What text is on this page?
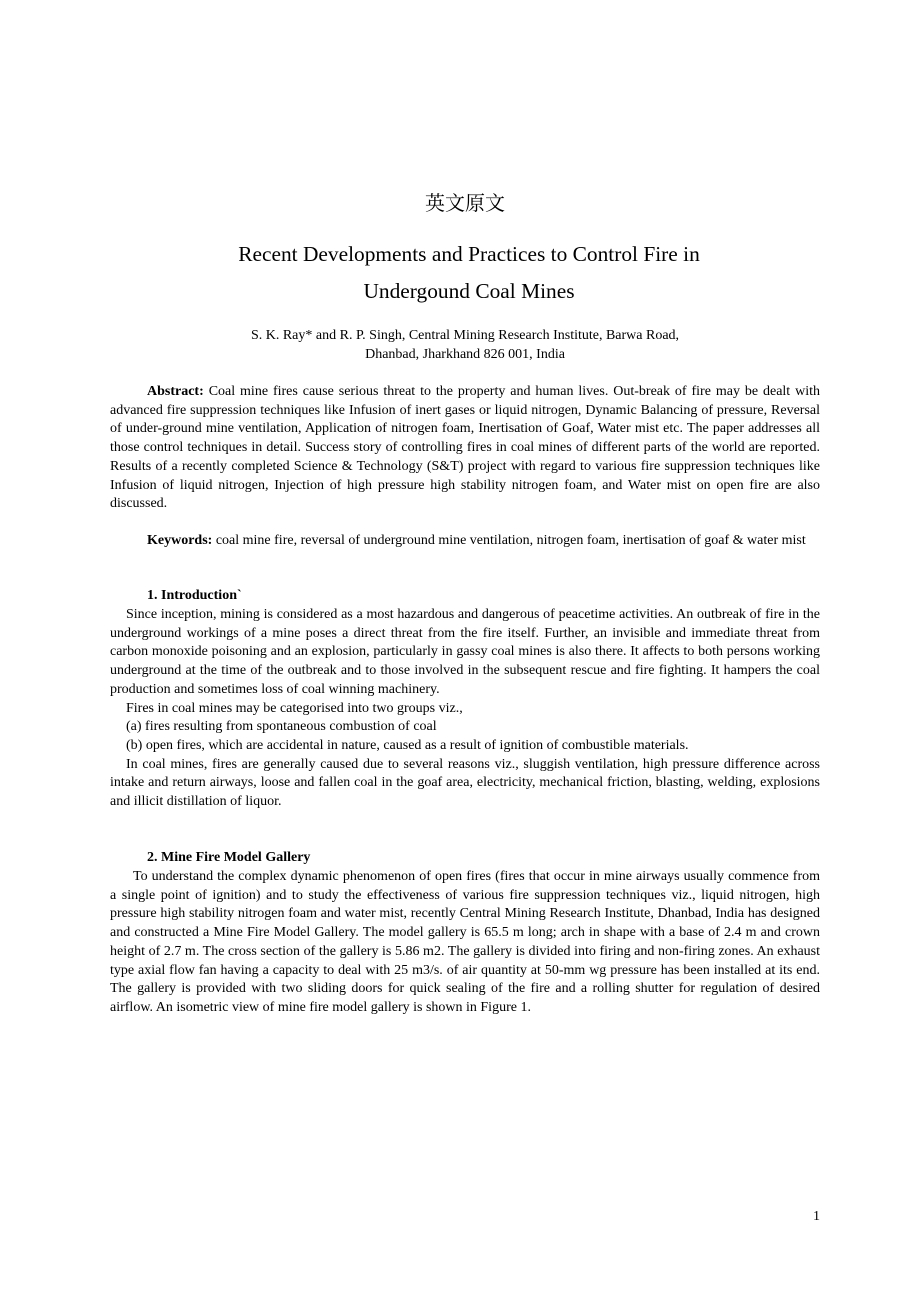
英文原文
Recent Developments and Practices to Control Fire in
Undergound Coal Mines
S. K. Ray* and R. P. Singh, Central Mining Research Institute, Barwa Road,
Dhanbad, Jharkhand 826 001, India

Abstract: Coal mine fires cause serious threat to the property and human lives. Out-break of fire may be dealt with advanced fire suppression techniques like Infusion of inert gases or liquid nitrogen, Dynamic Balancing of pressure, Reversal of under-ground mine ventilation, Application of nitrogen foam, Inertisation of Goaf, Water mist etc. The paper addresses all those control techniques in detail. Success story of controlling fires in coal mines of different parts of the world are reported. Results of a recently completed Science & Technology (S&T) project with regard to various fire suppression techniques like Infusion of liquid nitrogen, Injection of high pressure high stability nitrogen foam, and Water mist on open fire are also discussed.

Keywords: coal mine fire, reversal of underground mine ventilation, nitrogen foam, inertisation of goaf & water mist

1. Introduction`

Since inception, mining is considered as a most hazardous and dangerous of peacetime activities. An outbreak of fire in the underground workings of a mine poses a direct threat from the fire itself. Further, an invisible and immediate threat from carbon monoxide poisoning and an explosion, particularly in gassy coal mines is also there. It affects to both persons working underground at the time of the outbreak and to those involved in the subsequent rescue and fire fighting. It hampers the coal production and sometimes loss of coal winning machinery.

Fires in coal mines may be categorised into two groups viz.,

(a) fires resulting from spontaneous combustion of coal

(b) open fires, which are accidental in nature, caused as a result of ignition of combustible materials.

In coal mines, fires are generally caused due to several reasons viz., sluggish ventilation, high pressure difference across intake and return airways, loose and fallen coal in the goaf area, electricity, mechanical friction, blasting, welding, explosions and illicit distillation of liquor.

2. Mine Fire Model Gallery

To understand the complex dynamic phenomenon of open fires (fires that occur in mine airways usually commence from a single point of ignition) and to study the effectiveness of various fire suppression techniques viz., liquid nitrogen, high pressure high stability nitrogen foam and water mist, recently Central Mining Research Institute, Dhanbad, India has designed and constructed a Mine Fire Model Gallery. The model gallery is 65.5 m long; arch in shape with a base of 2.4 m and crown height of 2.7 m. The cross section of the gallery is 5.86 m2. The gallery is divided into firing and non-firing zones. An exhaust type axial flow fan having a capacity to deal with 25 m3/s. of air quantity at 50-mm wg pressure has been installed at its end. The gallery is provided with two sliding doors for quick sealing of the fire and a rolling shutter for regulation of desired airflow. An isometric view of mine fire model gallery is shown in Figure 1.

1
